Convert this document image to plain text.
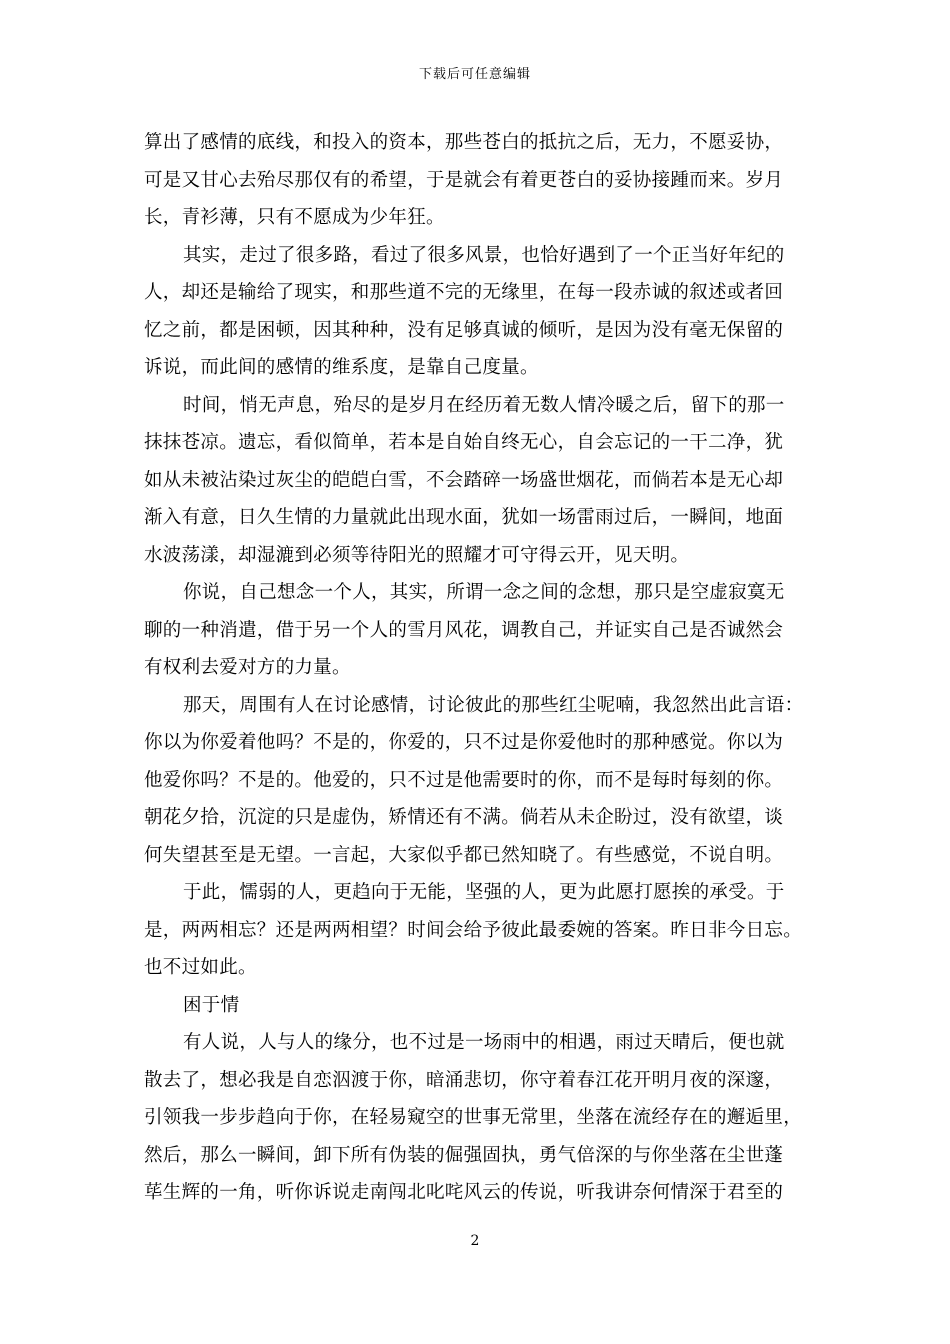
下载后可任意编辑
算出了感情的底线，和投入的资本，那些苍白的抵抗之后，无力，不愿妥协，
可是又甘心去殆尽那仅有的希望，于是就会有着更苍白的妥协接踵而来。岁月
长，青衫薄，只有不愿成为少年狂。
其实，走过了很多路，看过了很多风景，也恰好遇到了一个正当好年纪的
人，却还是输给了现实，和那些道不完的无缘里，在每一段赤诚的叙述或者回
忆之前，都是困顿，因其种种，没有足够真诚的倾听，是因为没有毫无保留的
诉说，而此间的感情的维系度，是靠自己度量。
时间，悄无声息，殆尽的是岁月在经历着无数人情冷暖之后，留下的那一
抹抹苍凉。遗忘，看似简单，若本是自始自终无心，自会忘记的一干二净，犹
如从未被沾染过灰尘的皑皑白雪，不会踏碎一场盛世烟花，而倘若本是无心却
渐入有意，日久生情的力量就此出现水面，犹如一场雷雨过后，一瞬间，地面
水波荡漾，却湿漉到必须等待阳光的照耀才可守得云开，见天明。
你说，自己想念一个人，其实，所谓一念之间的念想，那只是空虚寂寞无
聊的一种消遣，借于另一个人的雪月风花，调教自己，并证实自己是否诚然会
有权利去爱对方的力量。
那天，周围有人在讨论感情，讨论彼此的那些红尘呢喃，我忽然出此言语：
你以为你爱着他吗？不是的，你爱的，只不过是你爱他时的那种感觉。你以为
他爱你吗？不是的。他爱的，只不过是他需要时的你，而不是每时每刻的你。
朝花夕拾，沉淀的只是虚伪，矫情还有不满。倘若从未企盼过，没有欲望，谈
何失望甚至是无望。一言起，大家似乎都已然知晓了。有些感觉，不说自明。
于此，懦弱的人，更趋向于无能，坚强的人，更为此愿打愿挨的承受。于
是，两两相忘？还是两两相望？时间会给予彼此最委婉的答案。昨日非今日忘。
也不过如此。
困于情
有人说，人与人的缘分，也不过是一场雨中的相遇，雨过天晴后，便也就
散去了，想必我是自恋泅渡于你，暗涌悲切，你守着春江花开明月夜的深邃，
引领我一步步趋向于你，在轻易窥空的世事无常里，坐落在流经存在的邂逅里，
然后，那么一瞬间，卸下所有伪装的倔强固执，勇气倍深的与你坐落在尘世蓬
荜生辉的一角，听你诉说走南闯北叱咤风云的传说，听我讲奈何情深于君至的
2
